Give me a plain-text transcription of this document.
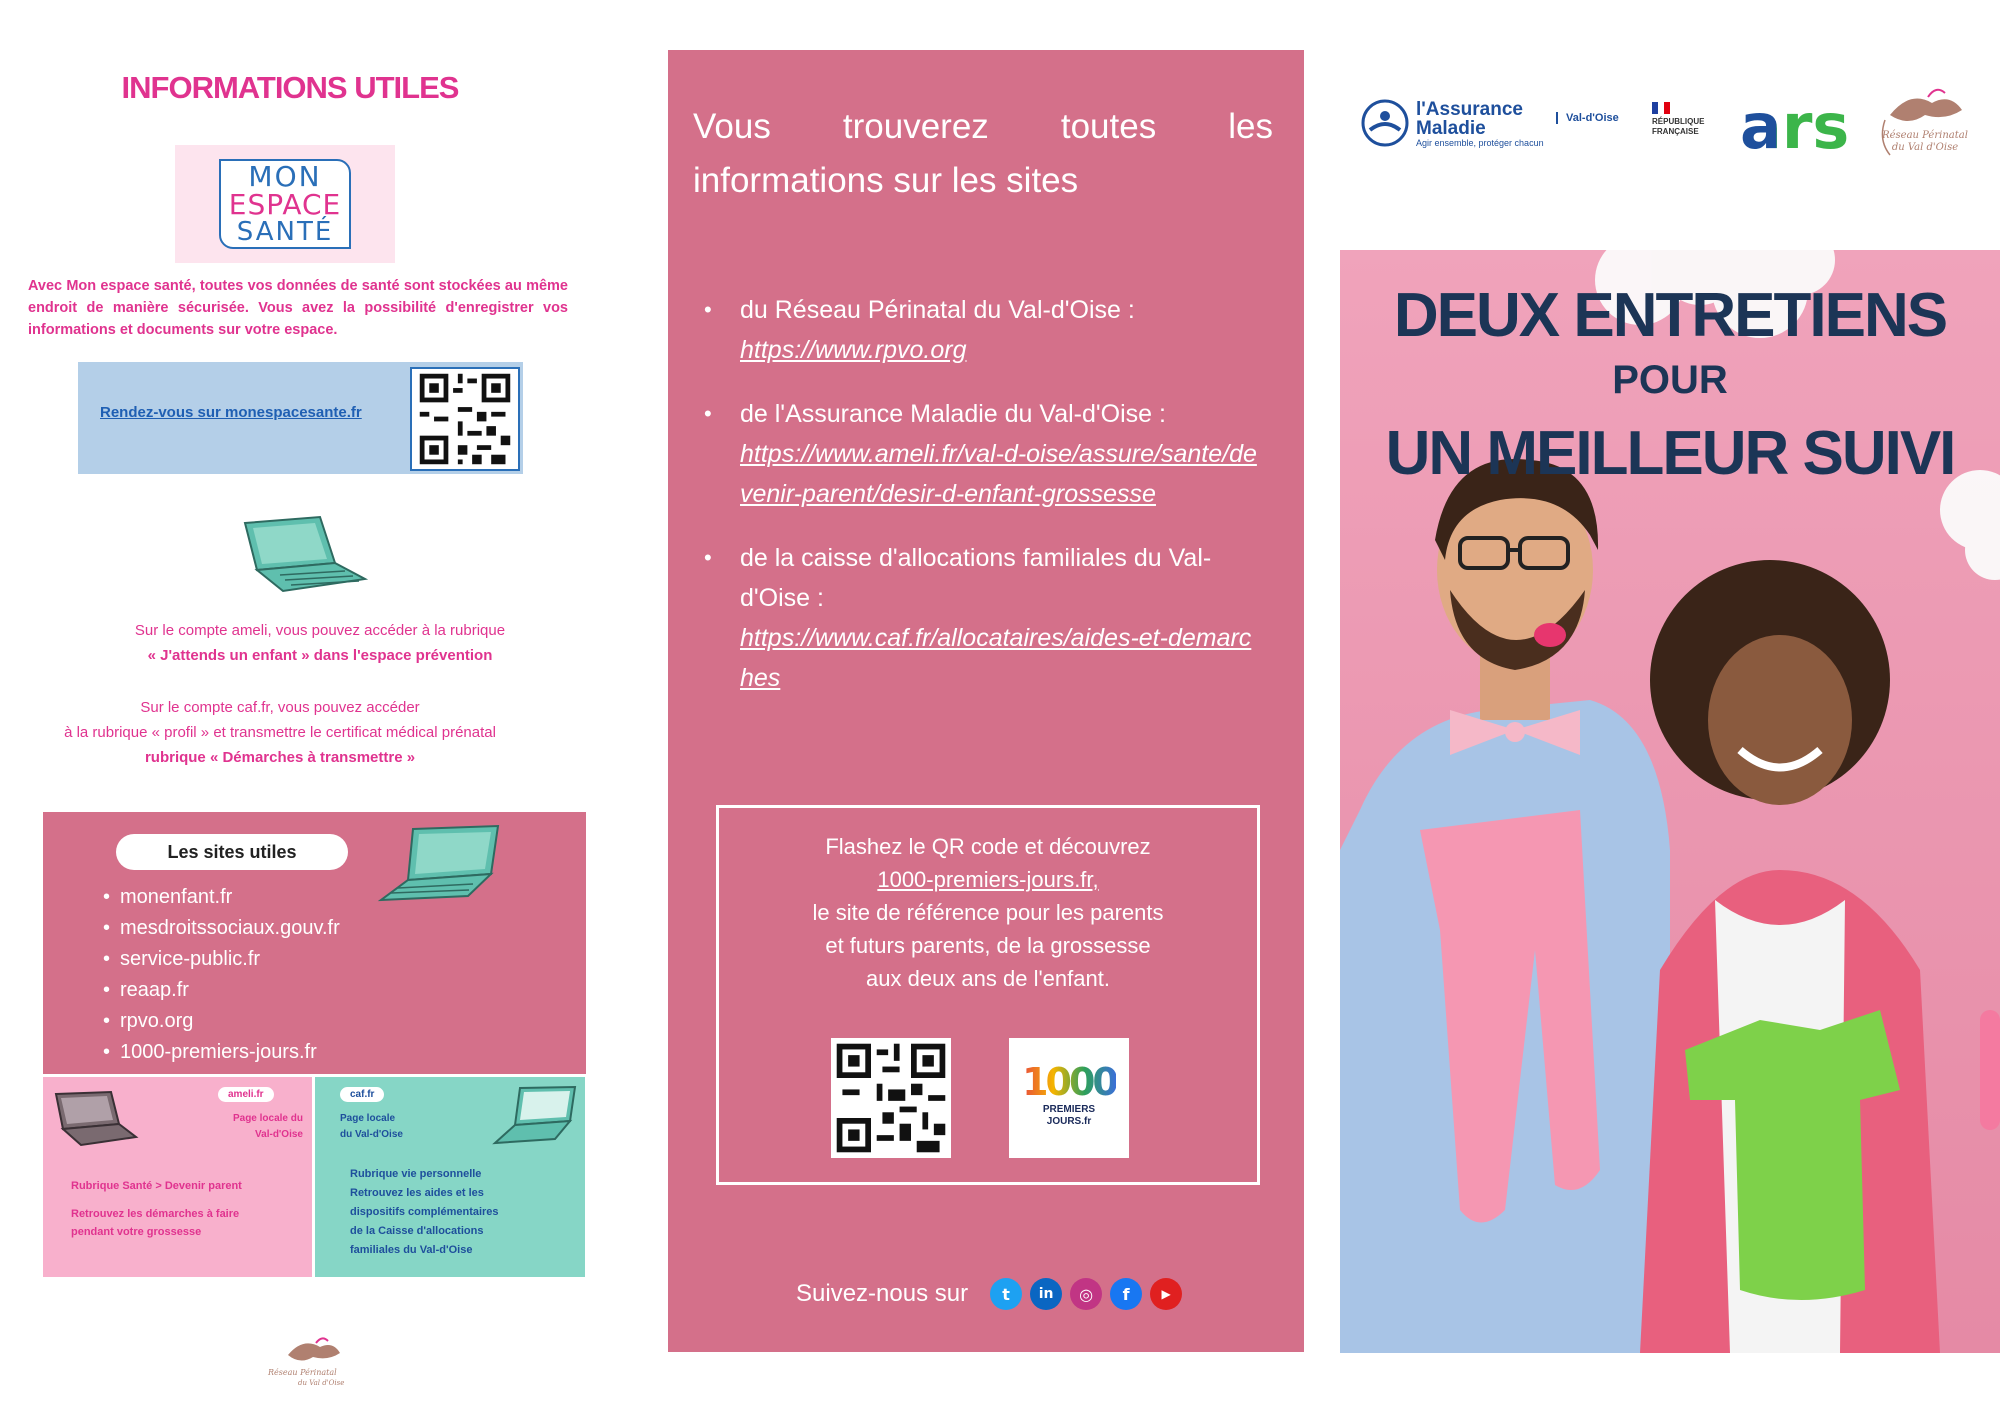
INFORMATIONS UTILES
MON
ESPACE
SANTÉ

Avec Mon espace santé, toutes vos données de santé sont stockées au même endroit de manière sécurisée. Vous avez la possibilité d'enregistrer vos informations et documents sur votre espace.

Rendez-vous sur monespacesante.fr
Sur le compte ameli, vous pouvez accéder à la rubrique
« J'attends un enfant » dans l'espace prévention
Sur le compte caf.fr, vous pouvez accéder
à la rubrique « profil » et transmettre le certificat médical prénatal
rubrique « Démarches à transmettre »
Les sites utiles
• monenfant.fr
• mesdroitssociaux.gouv.fr
• service-public.fr
• reaap.fr
• rpvo.org
• 1000-premiers-jours.fr
ameli.fr
Page locale du
Val-d'Oise
Rubrique Santé > Devenir parent
Retrouvez les démarches à faire
pendant votre grossesse
caf.fr
Page locale
du Val-d'Oise
Rubrique vie personnelle
Retrouvez les aides et les
dispositifs complémentaires
de la Caisse d'allocations
familiales du Val-d'Oise
Réseau Périnatal
du Val d'Oise
Vous trouverez toutes les informations sur les sites
• du Réseau Périnatal du Val-d'Oise :
https://www.rpvo.org
• de l'Assurance Maladie du Val-d'Oise :
https://www.ameli.fr/val-d-oise/assure/sante/devenir-parent/desir-d-enfant-grossesse
• de la caisse d'allocations familiales du Val-d'Oise :
https://www.caf.fr/allocataires/aides-et-demarches
Flashez le QR code et découvrez
1000-premiers-jours.fr,
le site de référence pour les parents
et futurs parents, de la grossesse
aux deux ans de l'enfant.
1000
PREMIERS
JOURS.fr
Suivez-nous sur	t	in	◎	f	▶
l'Assurance
Maladie
Agir ensemble, protéger chacun
Val-d'Oise	RÉPUBLIQUE
FRANÇAISE ars	Réseau Périnatal
du Val d'Oise
DEUX ENTRETIENS
POUR
UN MEILLEUR SUIVI
